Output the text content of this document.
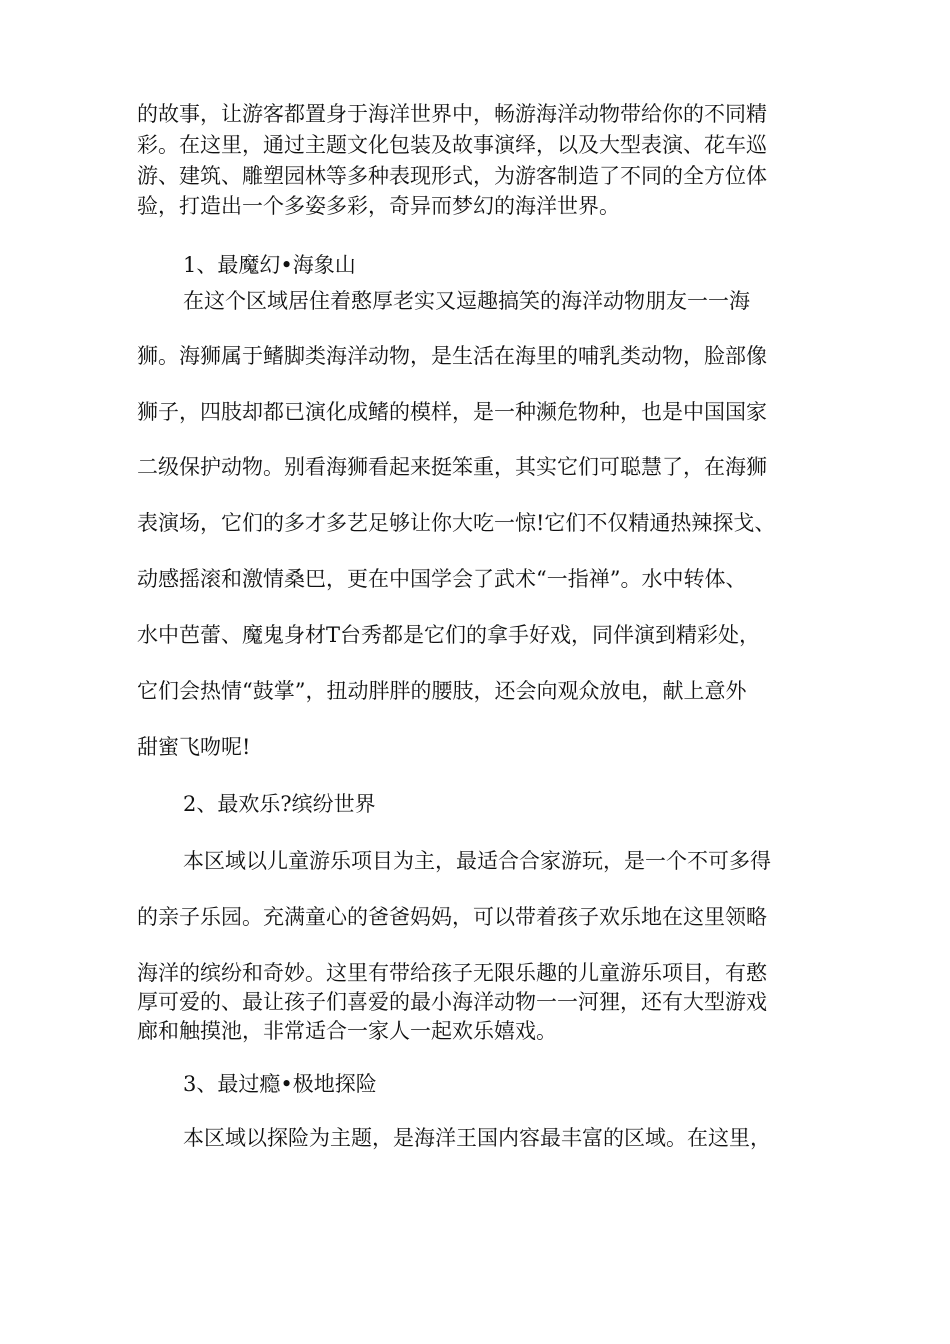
的故事，让游客都置身于海洋世界中，畅游海洋动物带给你的不同精

彩。在这里，通过主题文化包装及故事演绎，以及大型表演、花车巡

游、建筑、雕塑园林等多种表现形式，为游客制造了不同的全方位体

验，打造出一个多姿多彩，奇异而梦幻的海洋世界。

1、最魔幻•海象山

在这个区域居住着憨厚老实又逗趣搞笑的海洋动物朋友一一海

狮。海狮属于鳍脚类海洋动物，是生活在海里的哺乳类动物，脸部像

狮子，四肢却都已演化成鳍的模样，是一种濒危物种，也是中国国家

二级保护动物。别看海狮看起来挺笨重，其实它们可聪慧了，在海狮

表演场，它们的多才多艺足够让你大吃一惊!它们不仅精通热辣探戈、

动感摇滚和激情桑巴，更在中国学会了武术“一指禅”。水中转体、

水中芭蕾、魔鬼身材T台秀都是它们的拿手好戏，同伴演到精彩处，

它们会热情“鼓掌”，扭动胖胖的腰肢，还会向观众放电，献上意外

甜蜜飞吻呢!

2、最欢乐?缤纷世界

本区域以儿童游乐项目为主，最适合合家游玩，是一个不可多得

的亲子乐园。充满童心的爸爸妈妈，可以带着孩子欢乐地在这里领略

海洋的缤纷和奇妙。这里有带给孩子无限乐趣的儿童游乐项目，有憨

厚可爱的、最让孩子们喜爱的最小海洋动物一一河狸，还有大型游戏

廊和触摸池，非常适合一家人一起欢乐嬉戏。

3、最过瘾•极地探险

本区域以探险为主题，是海洋王国内容最丰富的区域。在这里，
